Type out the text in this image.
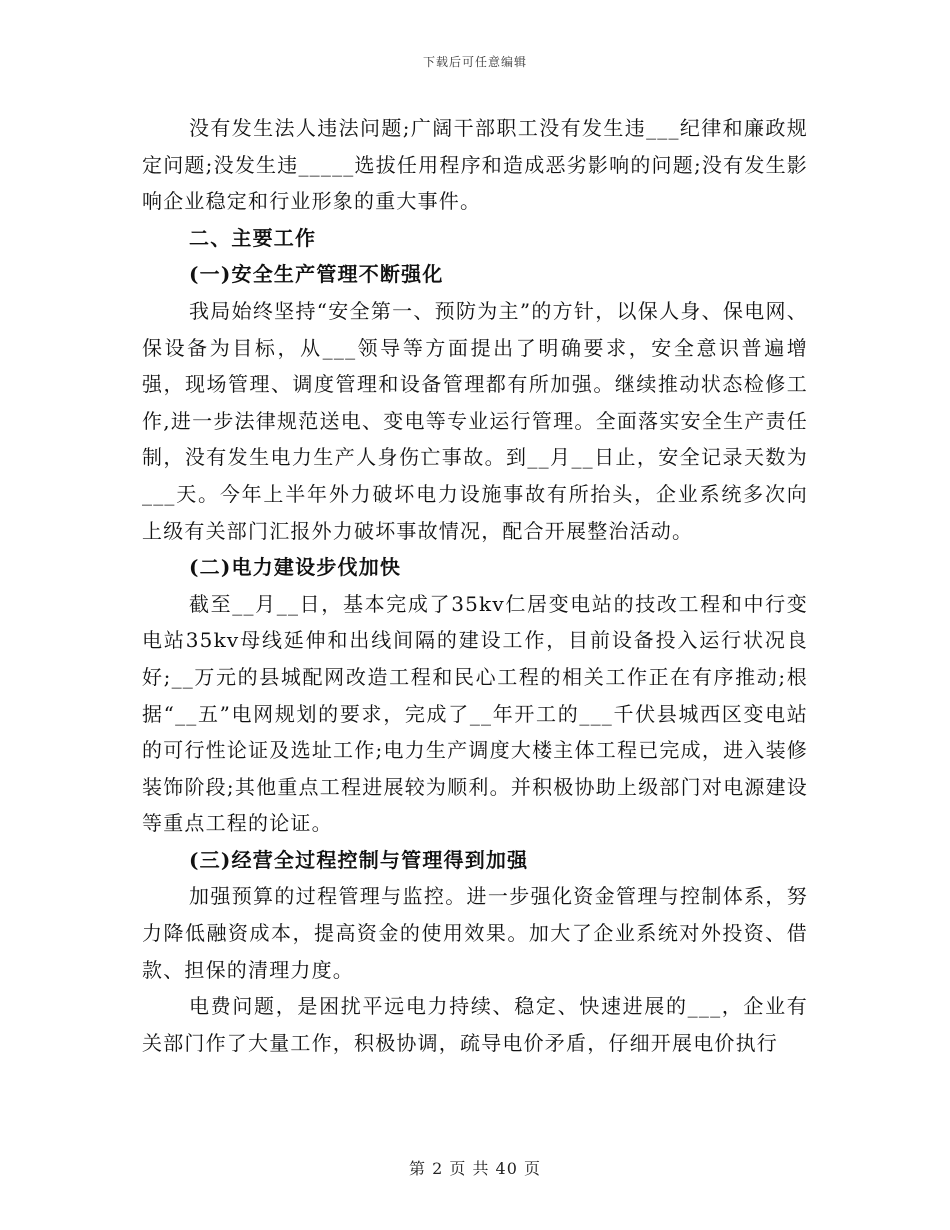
下载后可任意编辑

没有发生法人违法问题;广阔干部职工没有发生违___纪律和廉政规定问题;没发生违_____选拔任用程序和造成恶劣影响的问题;没有发生影响企业稳定和行业形象的重大事件。

二、主要工作

(一)安全生产管理不断强化

我局始终坚持“安全第一、预防为主”的方针，以保人身、保电网、保设备为目标，从___领导等方面提出了明确要求，安全意识普遍增强，现场管理、调度管理和设备管理都有所加强。继续推动状态检修工作,进一步法律规范送电、变电等专业运行管理。全面落实安全生产责任制，没有发生电力生产人身伤亡事故。到__月__日止，安全记录天数为___天。今年上半年外力破坏电力设施事故有所抬头，企业系统多次向上级有关部门汇报外力破坏事故情况，配合开展整治活动。

(二)电力建设步伐加快

截至__月__日，基本完成了35kv仁居变电站的技改工程和中行变电站35kv母线延伸和出线间隔的建设工作，目前设备投入运行状况良好;__万元的县城配网改造工程和民心工程的相关工作正在有序推动;根据“__五”电网规划的要求，完成了__年开工的___千伏县城西区变电站的可行性论证及选址工作;电力生产调度大楼主体工程已完成，进入装修装饰阶段;其他重点工程进展较为顺利。并积极协助上级部门对电源建设等重点工程的论证。

(三)经营全过程控制与管理得到加强

加强预算的过程管理与监控。进一步强化资金管理与控制体系，努力降低融资成本，提高资金的使用效果。加大了企业系统对外投资、借款、担保的清理力度。

电费问题，是困扰平远电力持续、稳定、快速进展的___，企业有关部门作了大量工作，积极协调，疏导电价矛盾，仔细开展电价执行

第 2 页 共 40 页
